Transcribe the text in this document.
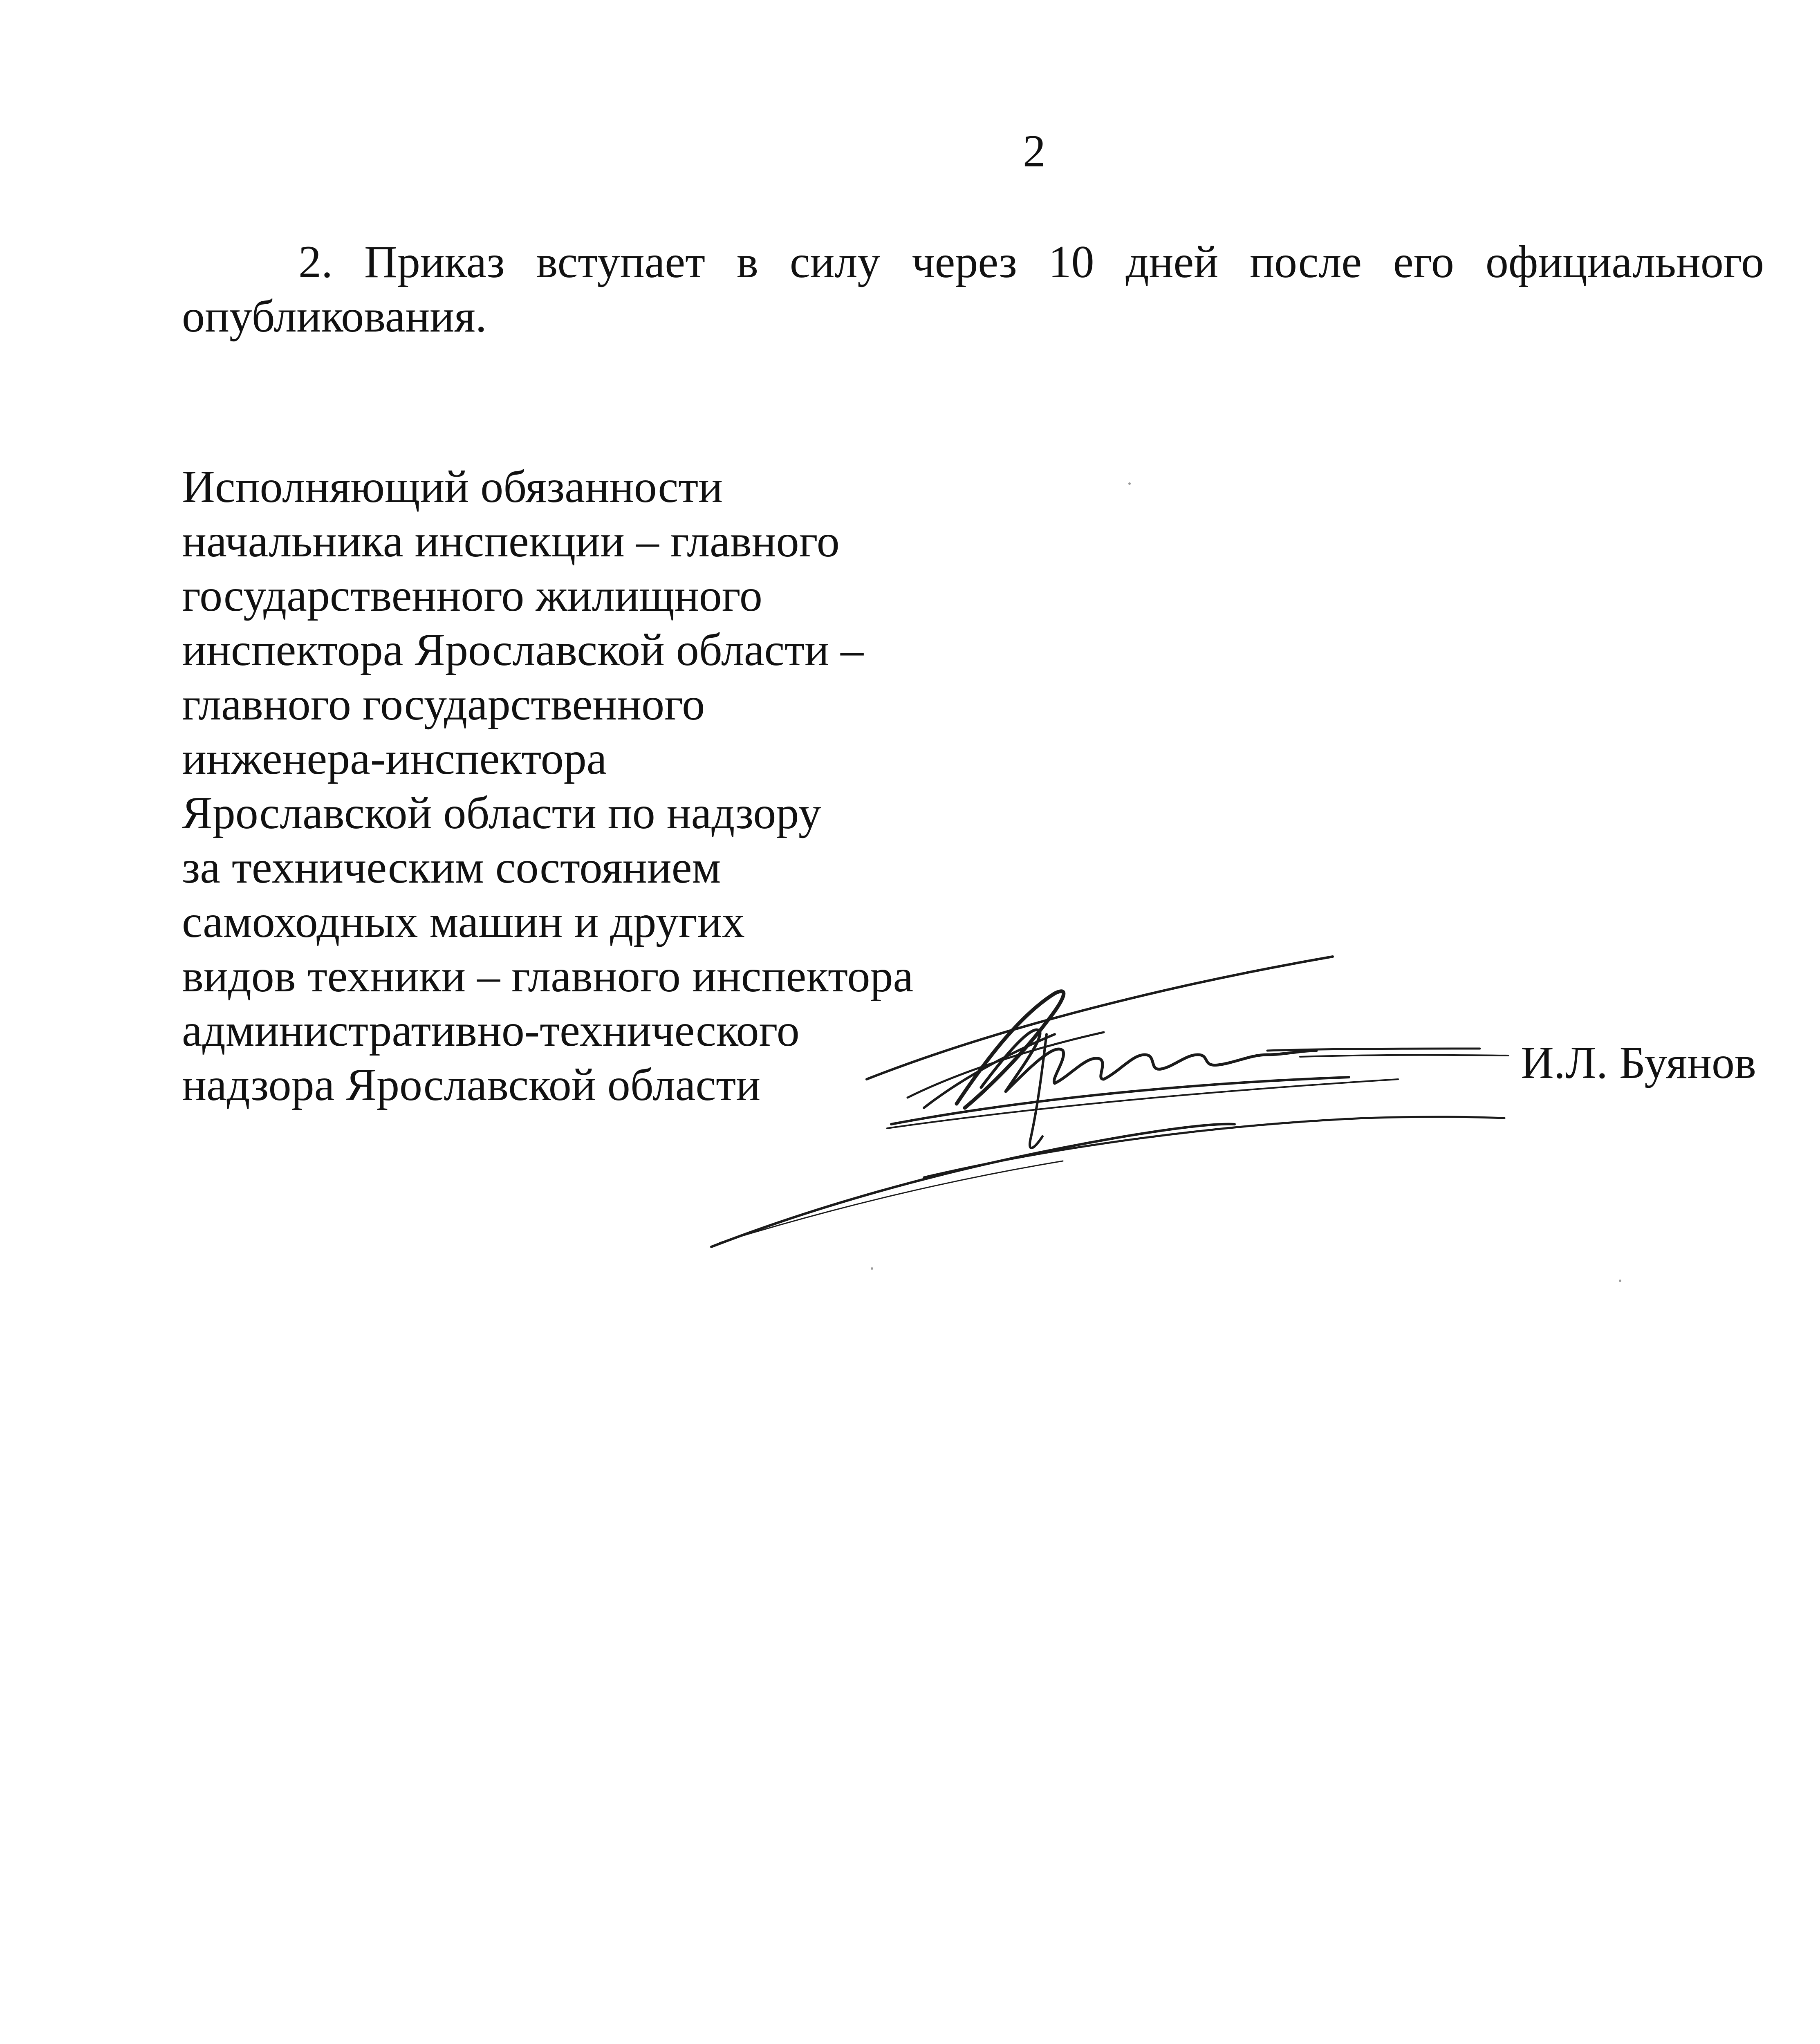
2
2. Приказ вступает в силу через 10 дней после его официального опубликования.
Исполняющий обязанности
начальника инспекции – главного
государственного жилищного
инспектора Ярославской области –
главного государственного
инженера-инспектора
Ярославской области по надзору
за техническим состоянием
самоходных машин и других
видов техники – главного инспектора
административно-технического
надзора Ярославской области	И.Л. Буянов
